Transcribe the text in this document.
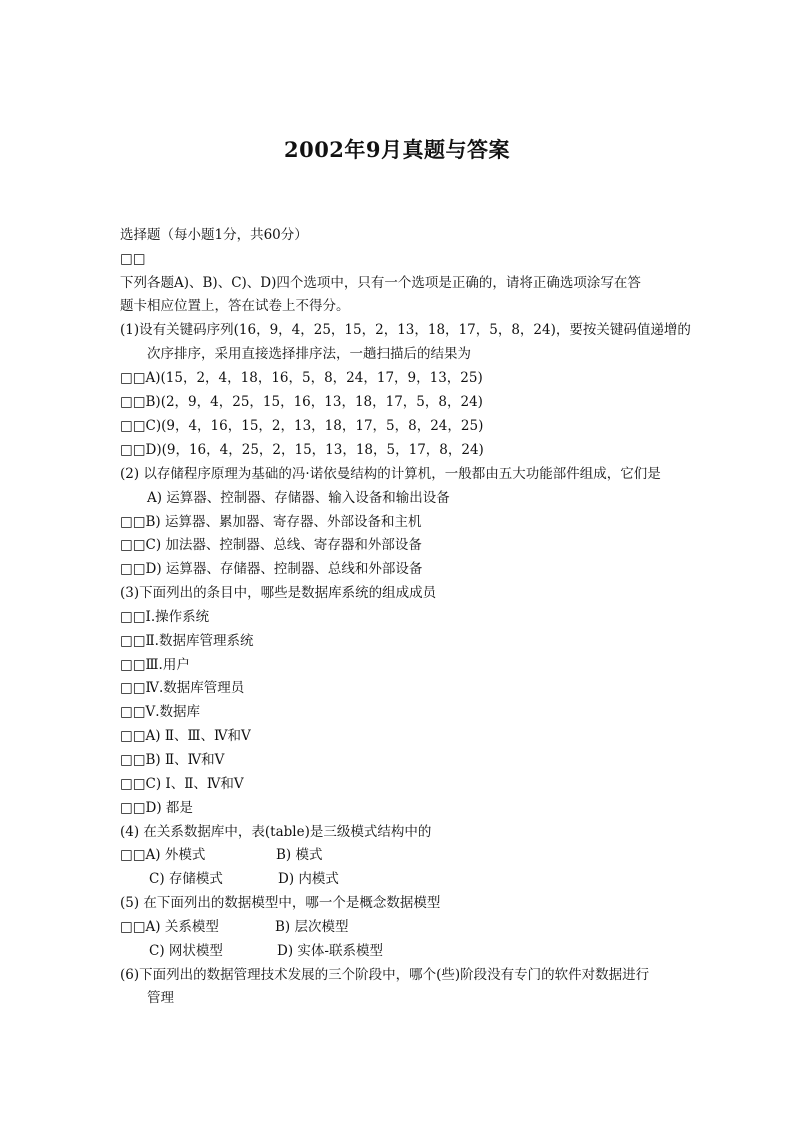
2002年9月真题与答案
选择题（每小题1分，共60分）
□□
下列各题A)、B)、C)、D)四个选项中，只有一个选项是正确的，请将正确选项涂写在答
题卡相应位置上，答在试卷上不得分。
(1)设有关键码序列(16，9，4，25，15，2，13，18，17，5，8，24)，要按关键码值递增的
次序排序，采用直接选择排序法，一趟扫描后的结果为
□□A)(15，2，4，18，16，5，8，24，17，9，13，25)
□□B)(2，9，4，25，15，16，13，18，17，5，8，24)
□□C)(9，4，16，15，2，13，18，17，5，8，24，25)
□□D)(9，16，4，25，2，15，13，18，5，17，8，24)
(2) 以存储程序原理为基础的冯·诺依曼结构的计算机，一般都由五大功能部件组成，它们是
A) 运算器、控制器、存储器、输入设备和输出设备
□□B) 运算器、累加器、寄存器、外部设备和主机
□□C) 加法器、控制器、总线、寄存器和外部设备
□□D) 运算器、存储器、控制器、总线和外部设备
(3)下面列出的条目中，哪些是数据库系统的组成成员
□□Ⅰ.操作系统
□□Ⅱ.数据库管理系统
□□Ⅲ.用户
□□Ⅳ.数据库管理员
□□Ⅴ.数据库
□□A) Ⅱ、Ⅲ、Ⅳ和Ⅴ
□□B) Ⅱ、Ⅳ和Ⅴ
□□C) Ⅰ、Ⅱ、Ⅳ和Ⅴ
□□D) 都是
(4) 在关系数据库中，表(table)是三级模式结构中的
□□A) 外模式	B) 模式
C) 存储模式	D) 内模式
(5) 在下面列出的数据模型中，哪一个是概念数据模型
□□A) 关系模型	B) 层次模型
C) 网状模型	D) 实体-联系模型
(6)下面列出的数据管理技术发展的三个阶段中，哪个(些)阶段没有专门的软件对数据进行
管理
